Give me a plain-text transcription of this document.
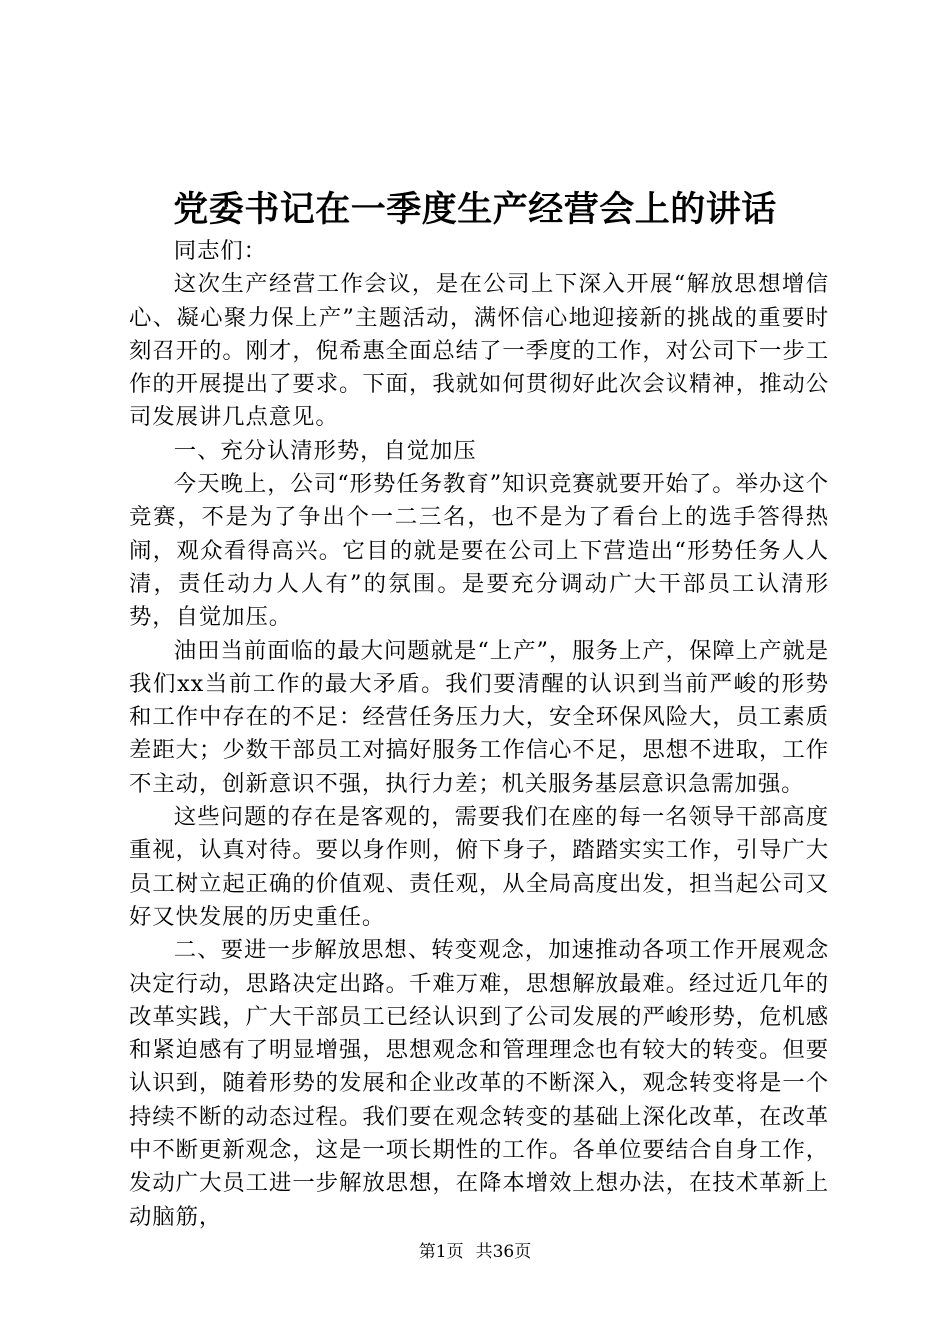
党委书记在一季度生产经营会上的讲话

同志们：

这次生产经营工作会议，是在公司上下深入开展“解放思想增信心、凝心聚力保上产”主题活动，满怀信心地迎接新的挑战的重要时刻召开的。刚才，倪希惠全面总结了一季度的工作，对公司下一步工作的开展提出了要求。下面，我就如何贯彻好此次会议精神，推动公司发展讲几点意见。

一、充分认清形势，自觉加压

今天晚上，公司“形势任务教育”知识竞赛就要开始了。举办这个竞赛，不是为了争出个一二三名，也不是为了看台上的选手答得热闹，观众看得高兴。它目的就是要在公司上下营造出“形势任务人人清，责任动力人人有”的氛围。是要充分调动广大干部员工认清形势，自觉加压。

油田当前面临的最大问题就是“上产”，服务上产，保障上产就是我们xx当前工作的最大矛盾。我们要清醒的认识到当前严峻的形势和工作中存在的不足：经营任务压力大，安全环保风险大，员工素质差距大；少数干部员工对搞好服务工作信心不足，思想不进取，工作不主动，创新意识不强，执行力差；机关服务基层意识急需加强。

这些问题的存在是客观的，需要我们在座的每一名领导干部高度重视，认真对待。要以身作则，俯下身子，踏踏实实工作，引导广大员工树立起正确的价值观、责任观，从全局高度出发，担当起公司又好又快发展的历史重任。

二、要进一步解放思想、转变观念，加速推动各项工作开展观念决定行动，思路决定出路。千难万难，思想解放最难。经过近几年的改革实践，广大干部员工已经认识到了公司发展的严峻形势，危机感和紧迫感有了明显增强，思想观念和管理理念也有较大的转变。但要认识到，随着形势的发展和企业改革的不断深入，观念转变将是一个持续不断的动态过程。我们要在观念转变的基础上深化改革，在改革中不断更新观念，这是一项长期性的工作。各单位要结合自身工作，发动广大员工进一步解放思想，在降本增效上想办法，在技术革新上动脑筋，

第1页 共36页
